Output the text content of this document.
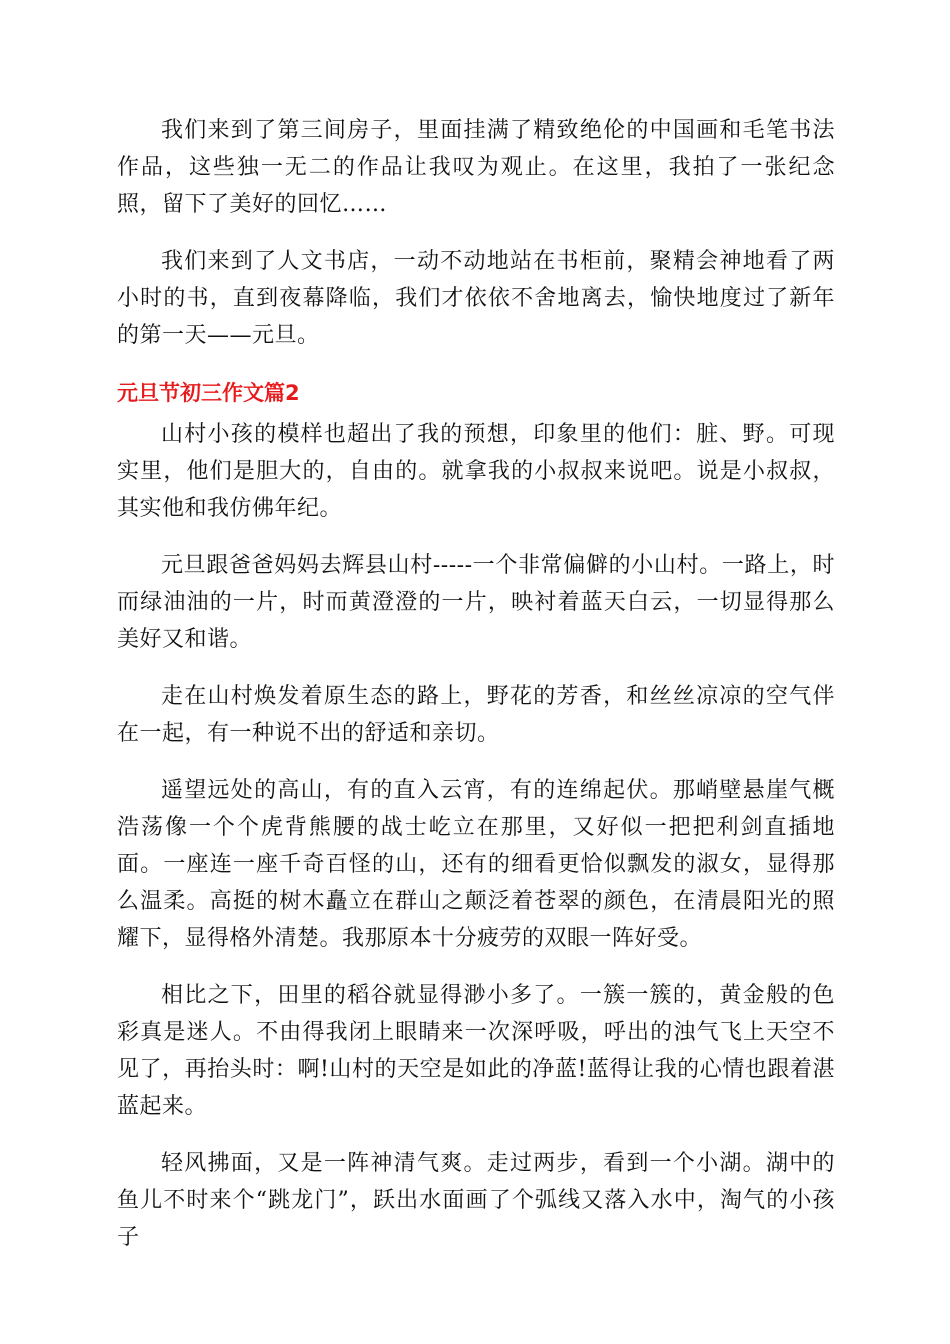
我们来到了第三间房子，里面挂满了精致绝伦的中国画和毛笔书法作品，这些独一无二的作品让我叹为观止。在这里，我拍了一张纪念照，留下了美好的回忆……

我们来到了人文书店，一动不动地站在书柜前，聚精会神地看了两小时的书，直到夜幕降临，我们才依依不舍地离去，愉快地度过了新年的第一天——元旦。

元旦节初三作文篇2

山村小孩的模样也超出了我的预想，印象里的他们：脏、野。可现实里，他们是胆大的，自由的。就拿我的小叔叔来说吧。说是小叔叔，其实他和我仿佛年纪。

元旦跟爸爸妈妈去辉县山村-----一个非常偏僻的小山村。一路上，时而绿油油的一片，时而黄澄澄的一片，映衬着蓝天白云，一切显得那么美好又和谐。

走在山村焕发着原生态的路上，野花的芳香，和丝丝凉凉的空气伴在一起，有一种说不出的舒适和亲切。

遥望远处的高山，有的直入云宵，有的连绵起伏。那峭壁悬崖气概浩荡像一个个虎背熊腰的战士屹立在那里，又好似一把把利剑直插地面。一座连一座千奇百怪的山，还有的细看更恰似飘发的淑女，显得那么温柔。高挺的树木矗立在群山之颠泛着苍翠的颜色，在清晨阳光的照耀下，显得格外清楚。我那原本十分疲劳的双眼一阵好受。

相比之下，田里的稻谷就显得渺小多了。一簇一簇的，黄金般的色彩真是迷人。不由得我闭上眼睛来一次深呼吸，呼出的浊气飞上天空不见了，再抬头时：啊!山村的天空是如此的净蓝!蓝得让我的心情也跟着湛蓝起来。

轻风拂面，又是一阵神清气爽。走过两步，看到一个小湖。湖中的鱼儿不时来个“跳龙门”，跃出水面画了个弧线又落入水中，淘气的小孩子
